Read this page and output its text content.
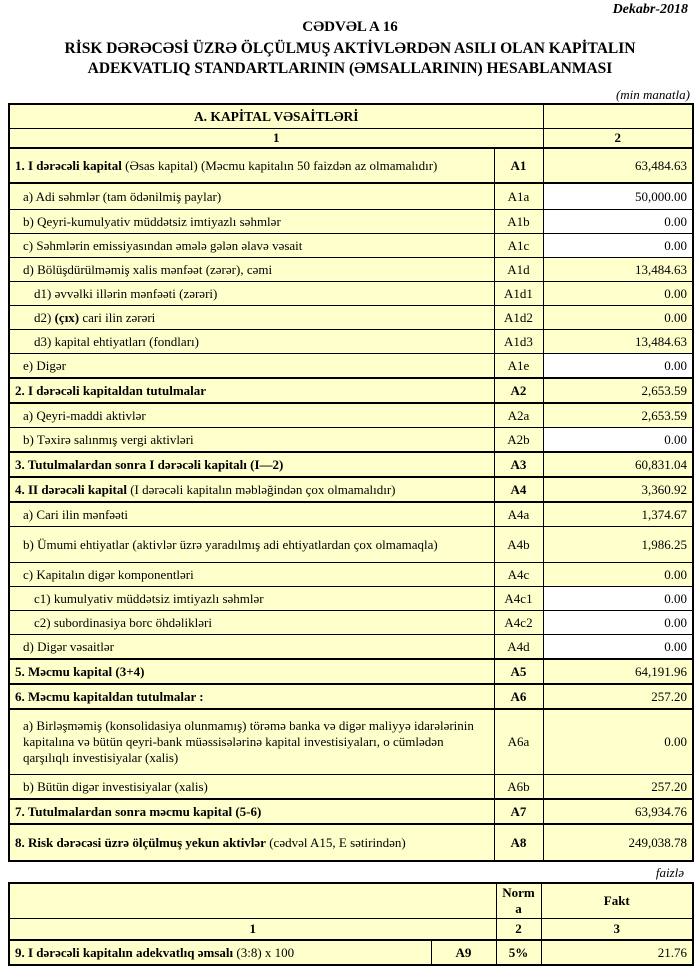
Dekabr-2018
CƏDVƏL A 16
RİSK DƏRƏCƏSİ ÜZRƏ ÖLÇÜLMUŞ AKTİVLƏRDƏN ASILI OLAN KAPİTALIN ADEKVATLIQ STANDARTLARININ (ƏMSALLARININ) HESABLANMASI
(min manatla)
A. KAPİTAL VƏSAİTLƏRİ		
1		2
1. I dərəcəli kapital (Əsas kapital) (Məcmu kapitalın 50 faizdən az olmamalıdır)	A1	63,484.63
a) Adi səhmlər (tam ödənilmiş paylar)	A1a	50,000.00
b) Qeyri-kumulyativ müddətsiz imtiyazlı səhmlər	A1b	0.00
c) Səhmlərin emissiyasından əmələ gələn əlavə vəsait	A1c	0.00
d) Bölüşdürülməmiş xalis mənfəət (zərər), cəmi	A1d	13,484.63
d1) əvvəlki illərin mənfəəti (zərəri)	A1d1	0.00
d2) (çıx) cari ilin zərəri	A1d2	0.00
d3) kapital ehtiyatları (fondları)	A1d3	13,484.63
e) Digər	A1e	0.00
2. I dərəcəli kapitaldan tutulmalar	A2	2,653.59
a) Qeyri-maddi aktivlər	A2a	2,653.59
b) Təxirə salınmış vergi aktivləri	A2b	0.00
3. Tutulmalardan sonra I dərəcəli kapitalı (I—2)	A3	60,831.04
4. II dərəcəli kapital (I dərəcəli kapitalın məbləğindən çox olmamalıdır)	A4	3,360.92
a) Cari ilin mənfəəti	A4a	1,374.67
b) Ümumi ehtiyatlar (aktivlər üzrə yaradılmış adi ehtiyatlardan çox olmamaqla)	A4b	1,986.25
c) Kapitalın digər komponentləri	A4c	0.00
c1) kumulyativ müddətsiz imtiyazlı səhmlər	A4c1	0.00
c2) subordinasiya borc öhdəlikləri	A4c2	0.00
d) Digər vəsaitlər	A4d	0.00
5. Məcmu kapital (3+4)	A5	64,191.96
6. Məcmu kapitaldan tutulmalar :	A6	257.20
a) Birləşməmiş (konsolidasiya olunmamış) törəmə banka və digər maliyyə idarələrinin kapitalına və bütün qeyri-bank müəssisələrinə kapital investisiyaları, o cümlədən qarşılıqlı investisiyalar (xalis)	A6a	0.00
b) Bütün digər investisiyalar (xalis)	A6b	257.20
7. Tutulmalardan sonra məcmu kapital (5-6)	A7	63,934.76
8. Risk dərəcəsi üzrə ölçülmuş yekun aktivlər (cədvəl A15, E sətirindən)	A8	249,038.78
faizlə
		Norma	Fakt
1		2	3
9. I dərəcəli kapitalın adekvatlıq əmsalı (3:8) x 100	A9	5%	21.76
